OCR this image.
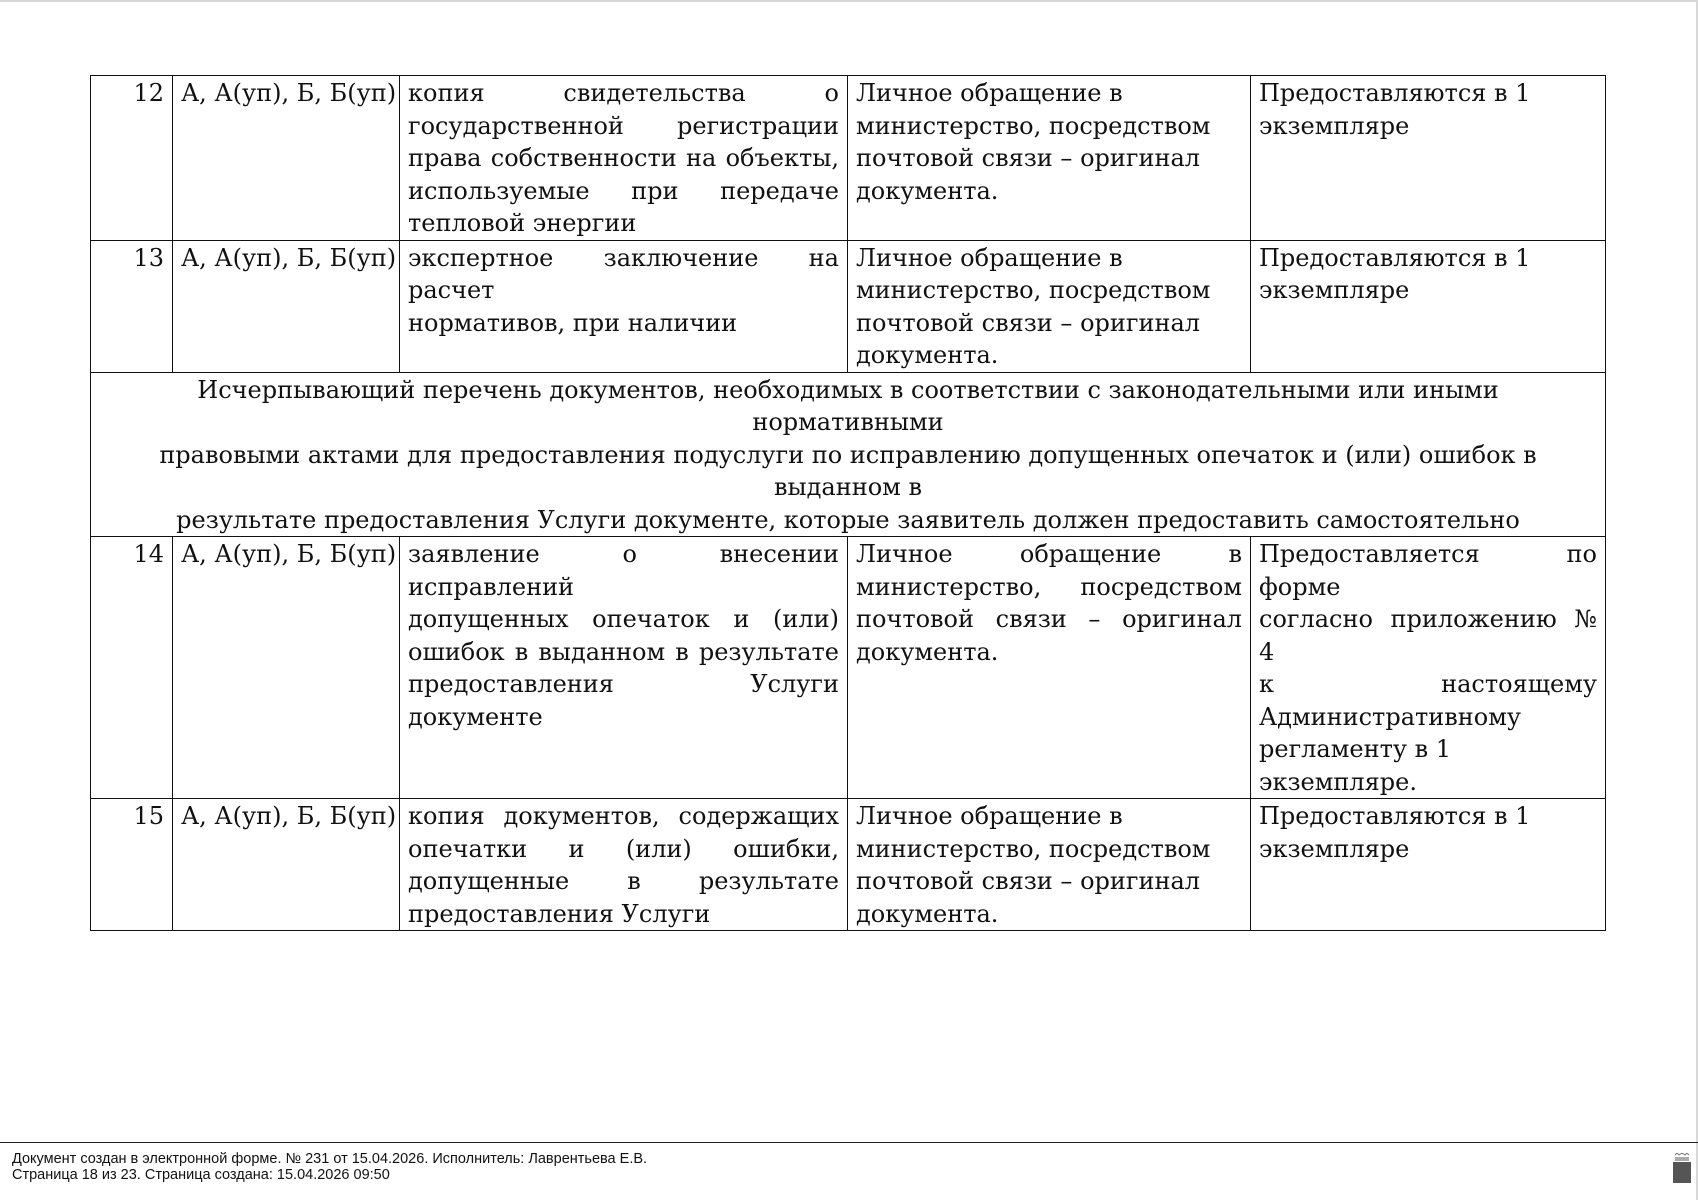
12	А, А(уп), Б, Б(уп)	копия свидетельства о
государственной регистрации
права собственности на объекты,
используемые при передаче
тепловой энергии	Личное обращение в
министерство, посредством
почтовой связи – оригинал
документа.	Предоставляются в 1
экземпляре

13	А, А(уп), Б, Б(уп)	экспертное заключение на расчет
нормативов, при наличии	Личное обращение в
министерство, посредством
почтовой связи – оригинал
документа.	Предоставляются в 1
экземпляре

Исчерпывающий перечень документов, необходимых в соответствии с законодательными или иными нормативными
правовыми актами для предоставления подуслуги по исправлению допущенных опечаток и (или) ошибок в выданном в
результате предоставления Услуги документе, которые заявитель должен предоставить самостоятельно				

14	А, А(уп), Б, Б(уп)	заявление о внесении исправлений
допущенных опечаток и (или)
ошибок в выданном в результате
предоставления Услуги документе	Личное обращение в
министерство, посредством
почтовой связи – оригинал
документа.	Предоставляется по форме
согласно приложению № 4
к настоящему
Административному
регламенту в 1 экземпляре.

15	А, А(уп), Б, Б(уп)	копия документов, содержащих
опечатки и (или) ошибки,
допущенные в результате
предоставления Услуги	Личное обращение в
министерство, посредством
почтовой связи – оригинал
документа.	Предоставляются в 1
экземпляре
Документ создан в электронной форме. № 231 от 15.04.2026. Исполнитель: Лаврентьева Е.В.
Страница 18 из 23. Страница создана: 15.04.2026 09:50
